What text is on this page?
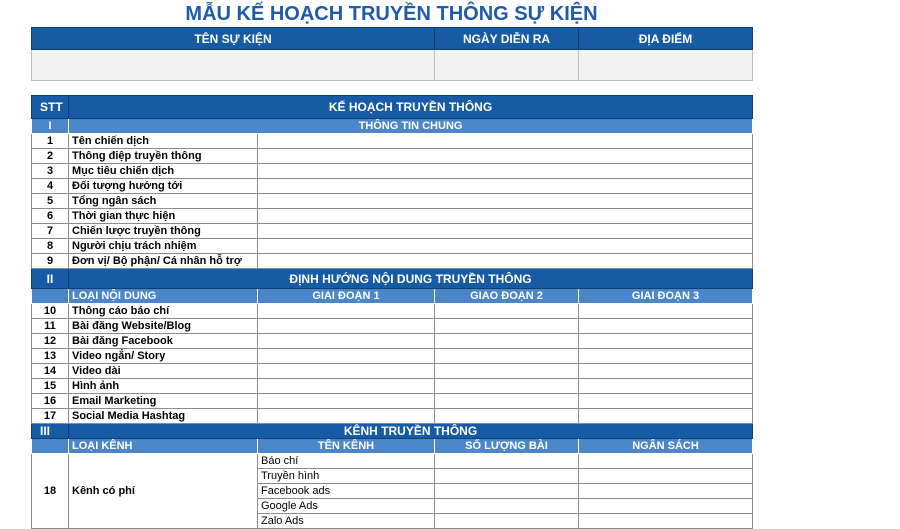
MẪU KẾ HOẠCH TRUYỀN THÔNG SỰ KIỆN
TÊN SỰ KIỆN	NGÀY DIỄN RA	ĐỊA ĐIỂM

STT	KẾ HOẠCH TRUYỀN THÔNG			
I	THÔNG TIN CHUNG			
1	Tên chiến dịch			
2	Thông điệp truyền thông			
3	Mục tiêu chiến dịch			
4	Đối tượng hướng tới			
5	Tổng ngân sách			
6	Thời gian thực hiện			
7	Chiến lược truyền thông			
8	Người chịu trách nhiệm			
9	Đơn vị/ Bộ phận/ Cá nhân hỗ trợ			
II	ĐỊNH HƯỚNG NỘI DUNG TRUYỀN THÔNG			
	LOẠI NỘI DUNG	GIAI ĐOẠN 1	GIAO ĐOẠN 2	GIAI ĐOẠN 3
10	Thông cáo báo chí			
11	Bài đăng Website/Blog			
12	Bài đăng Facebook			
13	Video ngắn/ Story			
14	Video dài			
15	Hình ảnh			
16	Email Marketing			
17	Social Media Hashtag			
III	KÊNH TRUYỀN THÔNG			
	LOẠI KÊNH	TÊN KÊNH	SỐ LƯỢNG BÀI	NGÂN SÁCH
18	Kênh có phí	Báo chí		
		Truyền hình		
		Facebook ads		
		Google Ads		
		Zalo Ads		
